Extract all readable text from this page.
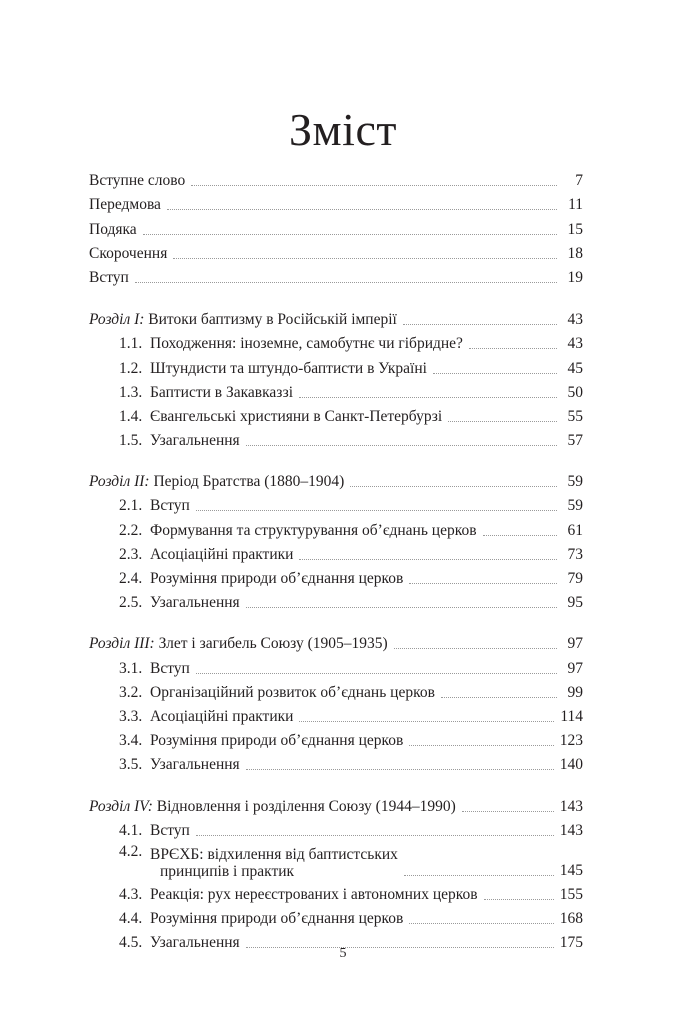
Зміст
Вступне слово	7
Передмова	11
Подяка	15
Скорочення	18
Вступ	19
Розділ I: Витоки баптизму в Російській імперії	43
1.1. Походження: іноземне, самобутнє чи гібридне?	43
1.2. Штундисти та штундо-баптисти в Україні	45
1.3. Баптисти в Закавказзі	50
1.4. Євангельські християни в Санкт-Петербурзі	55
1.5. Узагальнення	57
Розділ II: Період Братства (1880–1904)	59
2.1. Вступ	59
2.2. Формування та структурування об’єднань церков	61
2.3. Асоціаційні практики	73
2.4. Розуміння природи об’єднання церков	79
2.5. Узагальнення	95
Розділ III: Злет і загибель Союзу (1905–1935)	97
3.1. Вступ	97
3.2. Організаційний розвиток об’єднань церков	99
3.3. Асоціаційні практики	114
3.4. Розуміння природи об’єднання церков	123
3.5. Узагальнення	140
Розділ IV: Відновлення і розділення Союзу (1944–1990)	143
4.1. Вступ	143
4.2. ВРЄХБ: відхилення від баптистських
принципів і практик	145
4.3. Реакція: рух нереєстрованих і автономних церков	155
4.4. Розуміння природи об’єднання церков	168
4.5. Узагальнення	175
5
